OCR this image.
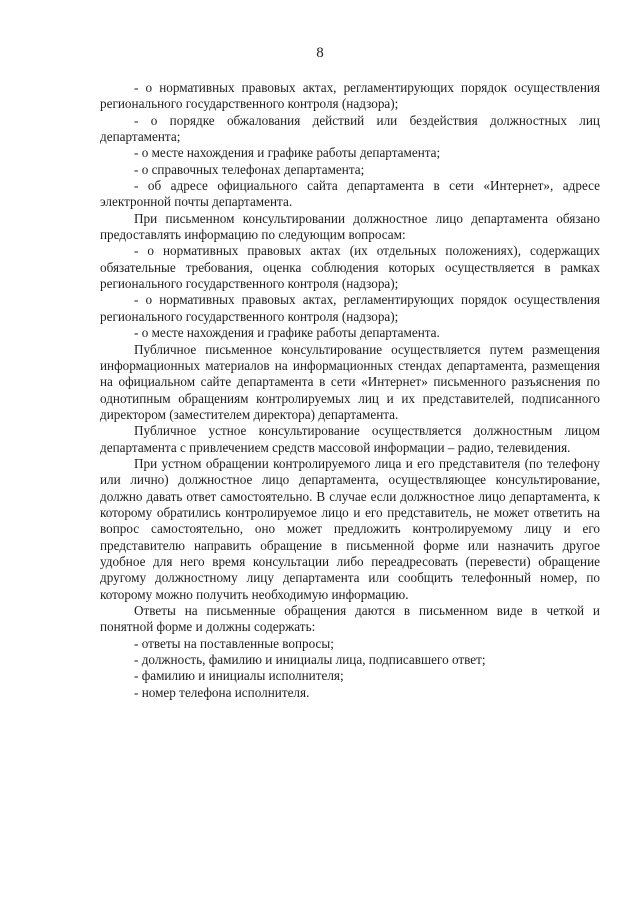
8

- о нормативных правовых актах, регламентирующих порядок осуществления регионального государственного контроля (надзора);

- о порядке обжалования действий или бездействия должностных лиц департамента;

- о месте нахождения и графике работы департамента;

- о справочных телефонах департамента;

- об адресе официального сайта департамента в сети «Интернет», адресе электронной почты департамента.

При письменном консультировании должностное лицо департамента обязано предоставлять информацию по следующим вопросам:

- о нормативных правовых актах (их отдельных положениях), содержащих обязательные требования, оценка соблюдения которых осуществляется в рамках регионального государственного контроля (надзора);

- о нормативных правовых актах, регламентирующих порядок осуществления регионального государственного контроля (надзора);

- о месте нахождения и графике работы департамента.

Публичное письменное консультирование осуществляется путем размещения информационных материалов на информационных стендах департамента, размещения на официальном сайте департамента в сети «Интернет» письменного разъяснения по однотипным обращениям контролируемых лиц и их представителей, подписанного директором (заместителем директора) департамента.

Публичное устное консультирование осуществляется должностным лицом департамента с привлечением средств массовой информации – радио, телевидения.

При устном обращении контролируемого лица и его представителя (по телефону или лично) должностное лицо департамента, осуществляющее консультирование, должно давать ответ самостоятельно. В случае если должностное лицо департамента, к которому обратились контролируемое лицо и его представитель, не может ответить на вопрос самостоятельно, оно может предложить контролируемому лицу и его представителю направить обращение в письменной форме или назначить другое удобное для него время консультации либо переадресовать (перевести) обращение другому должностному лицу департамента или сообщить телефонный номер, по которому можно получить необходимую информацию.

Ответы на письменные обращения даются в письменном виде в четкой и понятной форме и должны содержать:

- ответы на поставленные вопросы;

- должность, фамилию и инициалы лица, подписавшего ответ;

- фамилию и инициалы исполнителя;

- номер телефона исполнителя.
